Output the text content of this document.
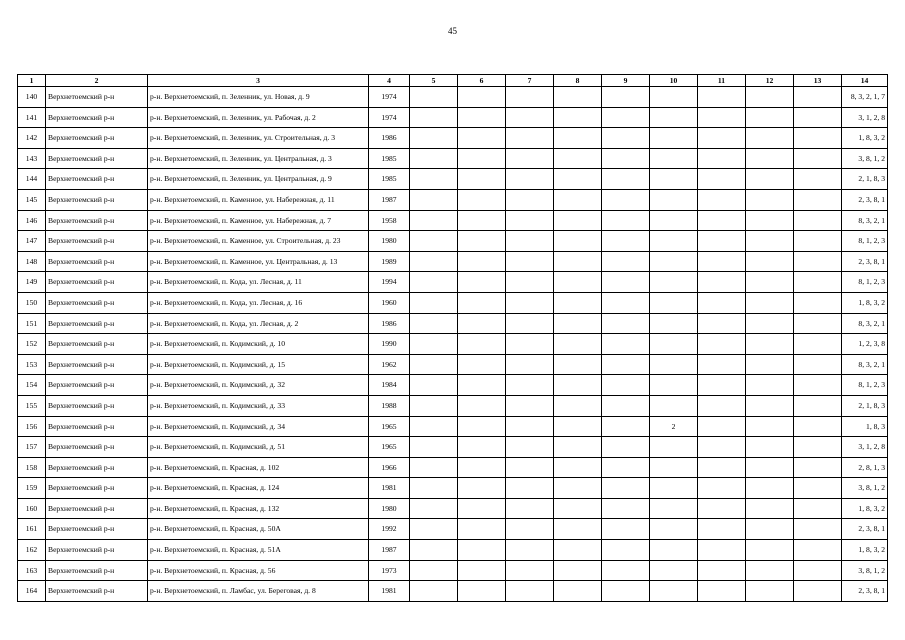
45
1	2	3	4	5	6	7	8	9	10	11	12	13	14
140	Верхнетоемский р-н	р-н. Верхнетоемский, п. Зеленник, ул. Новая, д. 9	1974										8, 3, 2, 1, 7
141	Верхнетоемский р-н	р-н. Верхнетоемский, п. Зеленник, ул. Рабочая, д. 2	1974										3, 1, 2, 8
142	Верхнетоемский р-н	р-н. Верхнетоемский, п. Зеленник, ул. Строительная, д. 3	1986										1, 8, 3, 2
143	Верхнетоемский р-н	р-н. Верхнетоемский, п. Зеленник, ул. Центральная, д. 3	1985										3, 8, 1, 2
144	Верхнетоемский р-н	р-н. Верхнетоемский, п. Зеленник, ул. Центральная, д. 9	1985										2, 1, 8, 3
145	Верхнетоемский р-н	р-н. Верхнетоемский, п. Каменное, ул. Набережная, д. 11	1987										2, 3, 8, 1
146	Верхнетоемский р-н	р-н. Верхнетоемский, п. Каменное, ул. Набережная, д. 7	1958										8, 3, 2, 1
147	Верхнетоемский р-н	р-н. Верхнетоемский, п. Каменное, ул. Строительная, д. 23	1980										8, 1, 2, 3
148	Верхнетоемский р-н	р-н. Верхнетоемский, п. Каменное, ул. Центральная, д. 13	1989										2, 3, 8, 1
149	Верхнетоемский р-н	р-н. Верхнетоемский, п. Кода, ул. Лесная, д. 11	1994										8, 1, 2, 3
150	Верхнетоемский р-н	р-н. Верхнетоемский, п. Кода, ул. Лесная, д. 16	1960										1, 8, 3, 2
151	Верхнетоемский р-н	р-н. Верхнетоемский, п. Кода, ул. Лесная, д. 2	1986										8, 3, 2, 1
152	Верхнетоемский р-н	р-н. Верхнетоемский, п. Кодимский, д. 10	1990										1, 2, 3, 8
153	Верхнетоемский р-н	р-н. Верхнетоемский, п. Кодимский, д. 15	1962										8, 3, 2, 1
154	Верхнетоемский р-н	р-н. Верхнетоемский, п. Кодимский, д. 32	1984										8, 1, 2, 3
155	Верхнетоемский р-н	р-н. Верхнетоемский, п. Кодимский, д. 33	1988										2, 1, 8, 3
156	Верхнетоемский р-н	р-н. Верхнетоемский, п. Кодимский, д. 34	1965						2				1, 8, 3
157	Верхнетоемский р-н	р-н. Верхнетоемский, п. Кодимский, д. 51	1965										3, 1, 2, 8
158	Верхнетоемский р-н	р-н. Верхнетоемский, п. Красная, д. 102	1966										2, 8, 1, 3
159	Верхнетоемский р-н	р-н. Верхнетоемский, п. Красная, д. 124	1981										3, 8, 1, 2
160	Верхнетоемский р-н	р-н. Верхнетоемский, п. Красная, д. 132	1980										1, 8, 3, 2
161	Верхнетоемский р-н	р-н. Верхнетоемский, п. Красная, д. 50А	1992										2, 3, 8, 1
162	Верхнетоемский р-н	р-н. Верхнетоемский, п. Красная, д. 51А	1987										1, 8, 3, 2
163	Верхнетоемский р-н	р-н. Верхнетоемский, п. Красная, д. 56	1973										3, 8, 1, 2
164	Верхнетоемский р-н	р-н. Верхнетоемский, п. Ламбас, ул. Береговая, д. 8	1981										2, 3, 8, 1
